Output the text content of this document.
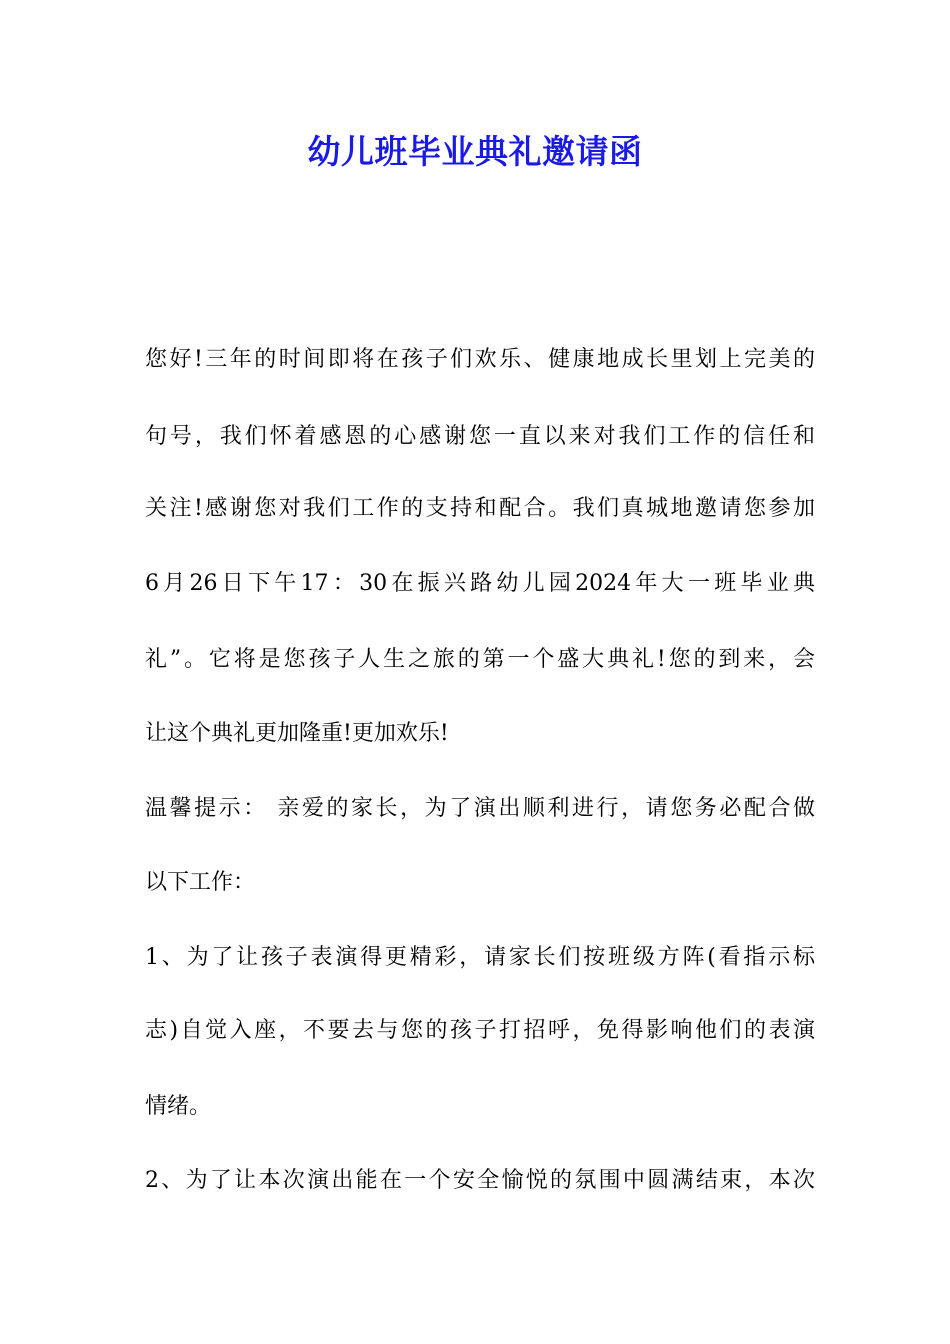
幼儿班毕业典礼邀请函

您好!三年的时间即将在孩子们欢乐、健康地成长里划上完美的

句号，我们怀着感恩的心感谢您一直以来对我们工作的信任和

关注!感谢您对我们工作的支持和配合。我们真城地邀请您参加

6月26日下午17：30在振兴路幼儿园2024年大一班毕业典

礼”。它将是您孩子人生之旅的第一个盛大典礼!您的到来，会

让这个典礼更加隆重!更加欢乐!

温馨提示： 亲爱的家长，为了演出顺利进行，请您务必配合做

以下工作：

1、为了让孩子表演得更精彩，请家长们按班级方阵(看指示标

志)自觉入座，不要去与您的孩子打招呼，免得影响他们的表演

情绪。

2、为了让本次演出能在一个安全愉悦的氛围中圆满结束，本次
